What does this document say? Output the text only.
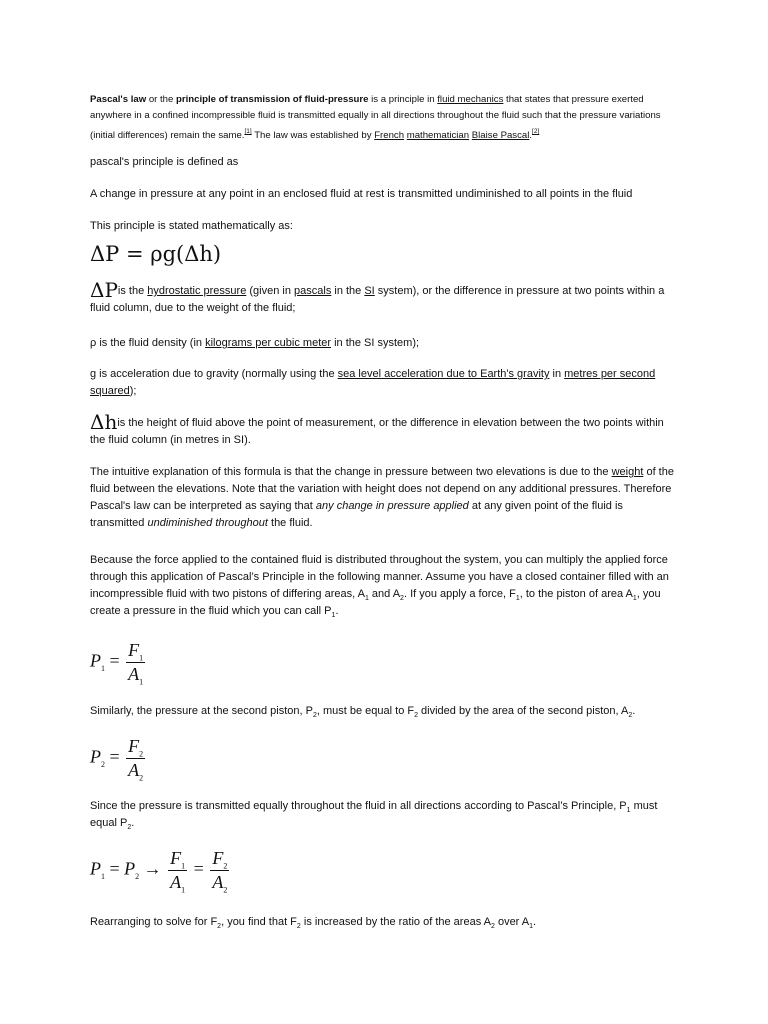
Pascal's law or the principle of transmission of fluid-pressure is a principle in fluid mechanics that states that pressure exerted anywhere in a confined incompressible fluid is transmitted equally in all directions throughout the fluid such that the pressure variations (initial differences) remain the same.[1] The law was established by French mathematician Blaise Pascal.[2]

pascal's principle is defined as

A change in pressure at any point in an enclosed fluid at rest is transmitted undiminished to all points in the fluid

This principle is stated mathematically as:

ΔP = ρg(Δh)

ΔPis the hydrostatic pressure (given in pascals in the SI system), or the difference in pressure at two points within a fluid column, due to the weight of the fluid;

ρ is the fluid density (in kilograms per cubic meter in the SI system);

g is acceleration due to gravity (normally using the sea level acceleration due to Earth's gravity in metres per second squared);

Δhis the height of fluid above the point of measurement, or the difference in elevation between the two points within the fluid column (in metres in SI).

The intuitive explanation of this formula is that the change in pressure between two elevations is due to the weight of the fluid between the elevations. Note that the variation with height does not depend on any additional pressures. Therefore Pascal's law can be interpreted as saying that any change in pressure applied at any given point of the fluid is transmitted undiminished throughout the fluid.

Because the force applied to the contained fluid is distributed throughout the system, you can multiply the applied force through this application of Pascal’s Principle in the following manner. Assume you have a closed container filled with an incompressible fluid with two pistons of differing areas, $A_1$ and $A_2$. If you apply a force, $F_1$, to the piston of area $A_1$, you create a pressure in the fluid which you can call $P_1$.

$P_1 = \frac{F_1}{A_1}$

Similarly, the pressure at the second piston, $P_2$, must be equal to $F_2$ divided by the area of the second piston, $A_2$.

$P_2 = \frac{F_2}{A_2}$

Since the pressure is transmitted equally throughout the fluid in all directions according to Pascal’s Principle, $P_1$ must equal $P_2$.

$P_1 = P_2 \to \frac{F_1}{A_1} = \frac{F_2}{A_2}$

Rearranging to solve for $F_2$, you find that $F_2$ is increased by the ratio of the areas $A_2$ over $A_1$.
